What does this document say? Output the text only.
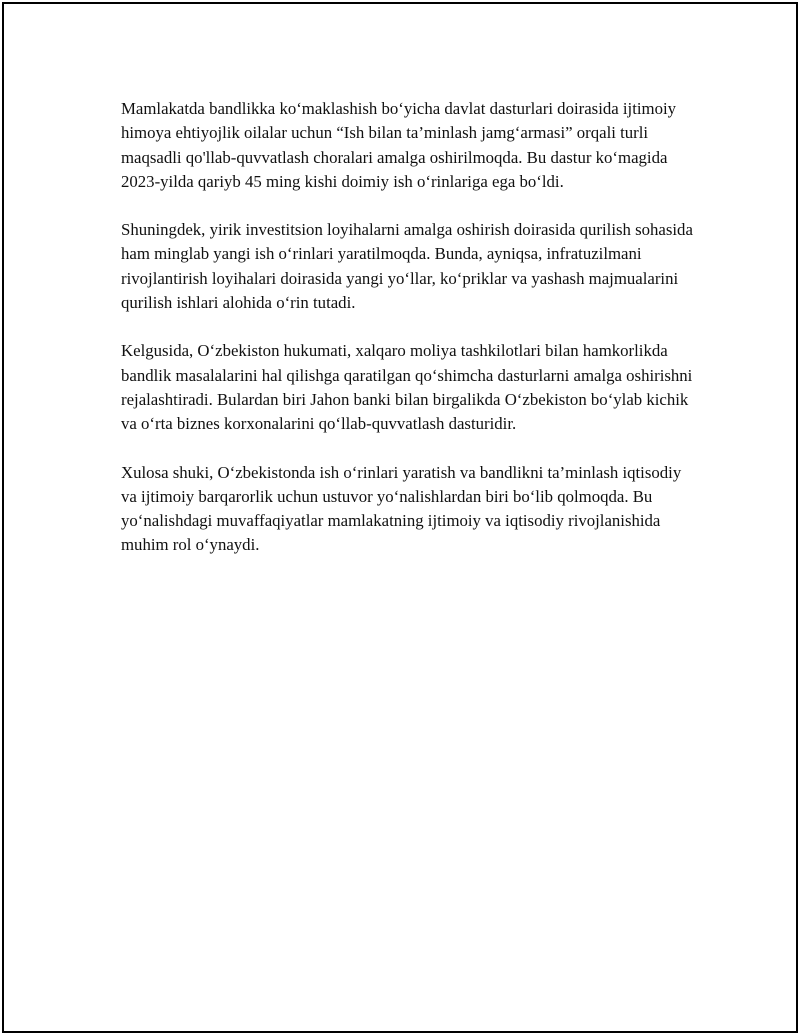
Mamlakatda bandlikka ko‘maklashish bo‘yicha davlat dasturlari doirasida ijtimoiy himoya ehtiyojlik oilalar uchun “Ish bilan ta’minlash jamg‘armasi” orqali turli maqsadli qo'llab-quvvatlash choralari amalga oshirilmoqda. Bu dastur ko‘magida 2023-yilda qariyb 45 ming kishi doimiy ish o‘rinlariga ega bo‘ldi.

Shuningdek, yirik investitsion loyihalarni amalga oshirish doirasida qurilish sohasida ham minglab yangi ish o‘rinlari yaratilmoqda. Bunda, ayniqsa, infratuzilmani rivojlantirish loyihalari doirasida yangi yo‘llar, ko‘priklar va yashash majmualarini qurilish ishlari alohida o‘rin tutadi.

Kelgusida, O‘zbekiston hukumati, xalqaro moliya tashkilotlari bilan hamkorlikda bandlik masalalarini hal qilishga qaratilgan qo‘shimcha dasturlarni amalga oshirishni rejalashtiradi. Bulardan biri Jahon banki bilan birgalikda O‘zbekiston bo‘ylab kichik va o‘rta biznes korxonalarini qo‘llab-quvvatlash dasturidir.

Xulosa shuki, O‘zbekistonda ish o‘rinlari yaratish va bandlikni ta’minlash iqtisodiy va ijtimoiy barqarorlik uchun ustuvor yo‘nalishlardan biri bo‘lib qolmoqda. Bu yo‘nalishdagi muvaffaqiyatlar mamlakatning ijtimoiy va iqtisodiy rivojlanishida muhim rol o‘ynaydi.
